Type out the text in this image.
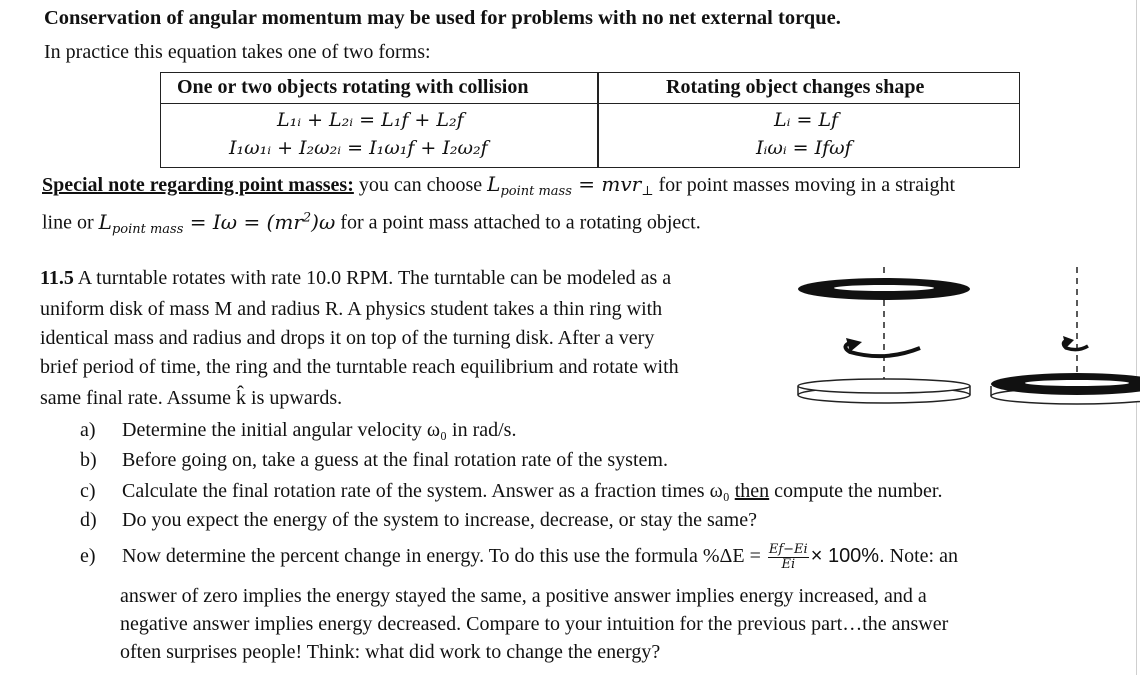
Conservation of angular momentum may be used for problems with no net external torque.
In practice this equation takes one of two forms:
One or two objects rotating with collision	Rotating object changes shape
L₁ᵢ + L₂ᵢ = L₁f + L₂f
I₁ω₁ᵢ + I₂ω₂ᵢ = I₁ω₁f + I₂ω₂f
Lᵢ = Lf
Iᵢωᵢ = Ifωf
Special note regarding point masses: you can choose $L_{point mass} = mvr_\perp$ for point masses moving in a straight
line or $L_{point mass} = I\omega = (mr^2)\omega$ for a point mass attached to a rotating object.
11.5 A turntable rotates with rate 10.0 RPM. The turntable can be modeled as a
uniform disk of mass M and radius R. A physics student takes a thin ring with
identical mass and radius and drops it on top of the turning disk. After a very
brief period of time, the ring and the turntable reach equilibrium and rotate with
same final rate. Assume k̂ is upwards.
a) Determine the initial angular velocity ω₀ in rad/s.
b) Before going on, take a guess at the final rotation rate of the system.
c) Calculate the final rotation rate of the system. Answer as a fraction times ω₀ then compute the number.
d) Do you expect the energy of the system to increase, decrease, or stay the same?
e) Now determine the percent change in energy. To do this use the formula $\%\Delta E = \frac{Ef-Ei}{Ei} \times 100\%$. Note: an
answer of zero implies the energy stayed the same, a positive answer implies energy increased, and a
negative answer implies energy decreased. Compare to your intuition for the previous part…the answer
often surprises people! Think: what did work to change the energy?
